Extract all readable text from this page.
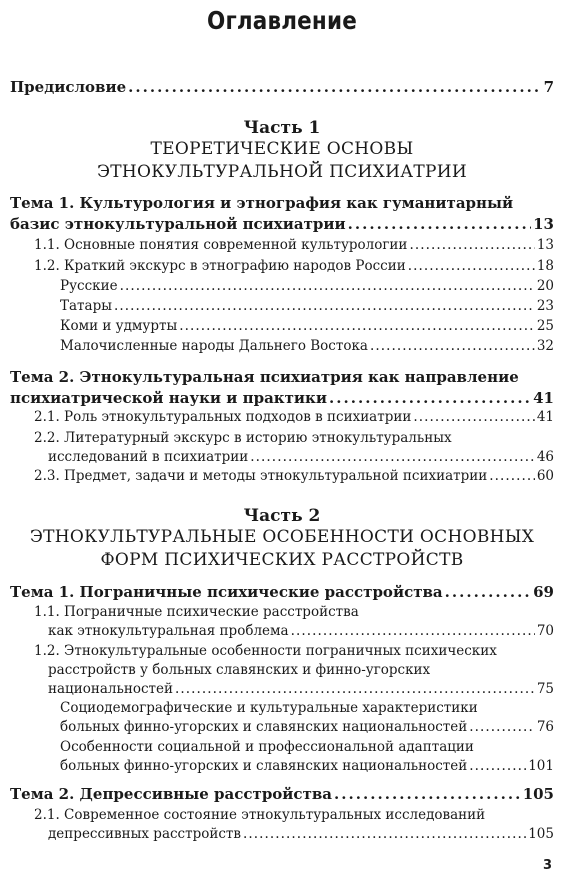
Оглавление
Предисловие . . .	7
Часть 1
ТЕОРЕТИЧЕСКИЕ ОСНОВЫ
ЭТНОКУЛЬТУРАЛЬНОЙ ПСИХИАТРИИ
Тема 1. Культурология и этнография как гуманитарный
базис этнокультуральной психиатрии . . .	13
1.1. Основные понятия современной культурологии . . .	13
1.2. Краткий экскурс в этнографию народов России . . .	18
Русские . . .	20
Татары . . .	23
Коми и удмурты . . .	25
Малочисленные народы Дальнего Востока . . .	32
Тема 2. Этнокультуральная психиатрия как направление
психиатрической науки и практики . . .	41
2.1. Роль этнокультуральных подходов в психиатрии . . .	41
2.2. Литературный экскурс в историю этнокультуральных
исследований в психиатрии . . .	46
2.3. Предмет, задачи и методы этнокультуральной психиатрии . . .	60
Часть 2
ЭТНОКУЛЬТУРАЛЬНЫЕ ОСОБЕННОСТИ ОСНОВНЫХ
ФОРМ ПСИХИЧЕСКИХ РАССТРОЙСТВ
Тема 1. Пограничные психические расстройства . . .	69
1.1. Пограничные психические расстройства
как этнокультуральная проблема . . .	70
1.2. Этнокультуральные особенности пограничных психических
расстройств у больных славянских и финно-угорских
национальностей . . .	75
Социодемографические и культуральные характеристики
больных финно-угорских и славянских национальностей . . .	76
Особенности социальной и профессиональной адаптации
больных финно-угорских и славянских национальностей . . .	101
Тема 2. Депрессивные расстройства . . .	105
2.1. Современное состояние этнокультуральных исследований
депрессивных расстройств . . .	105
3
